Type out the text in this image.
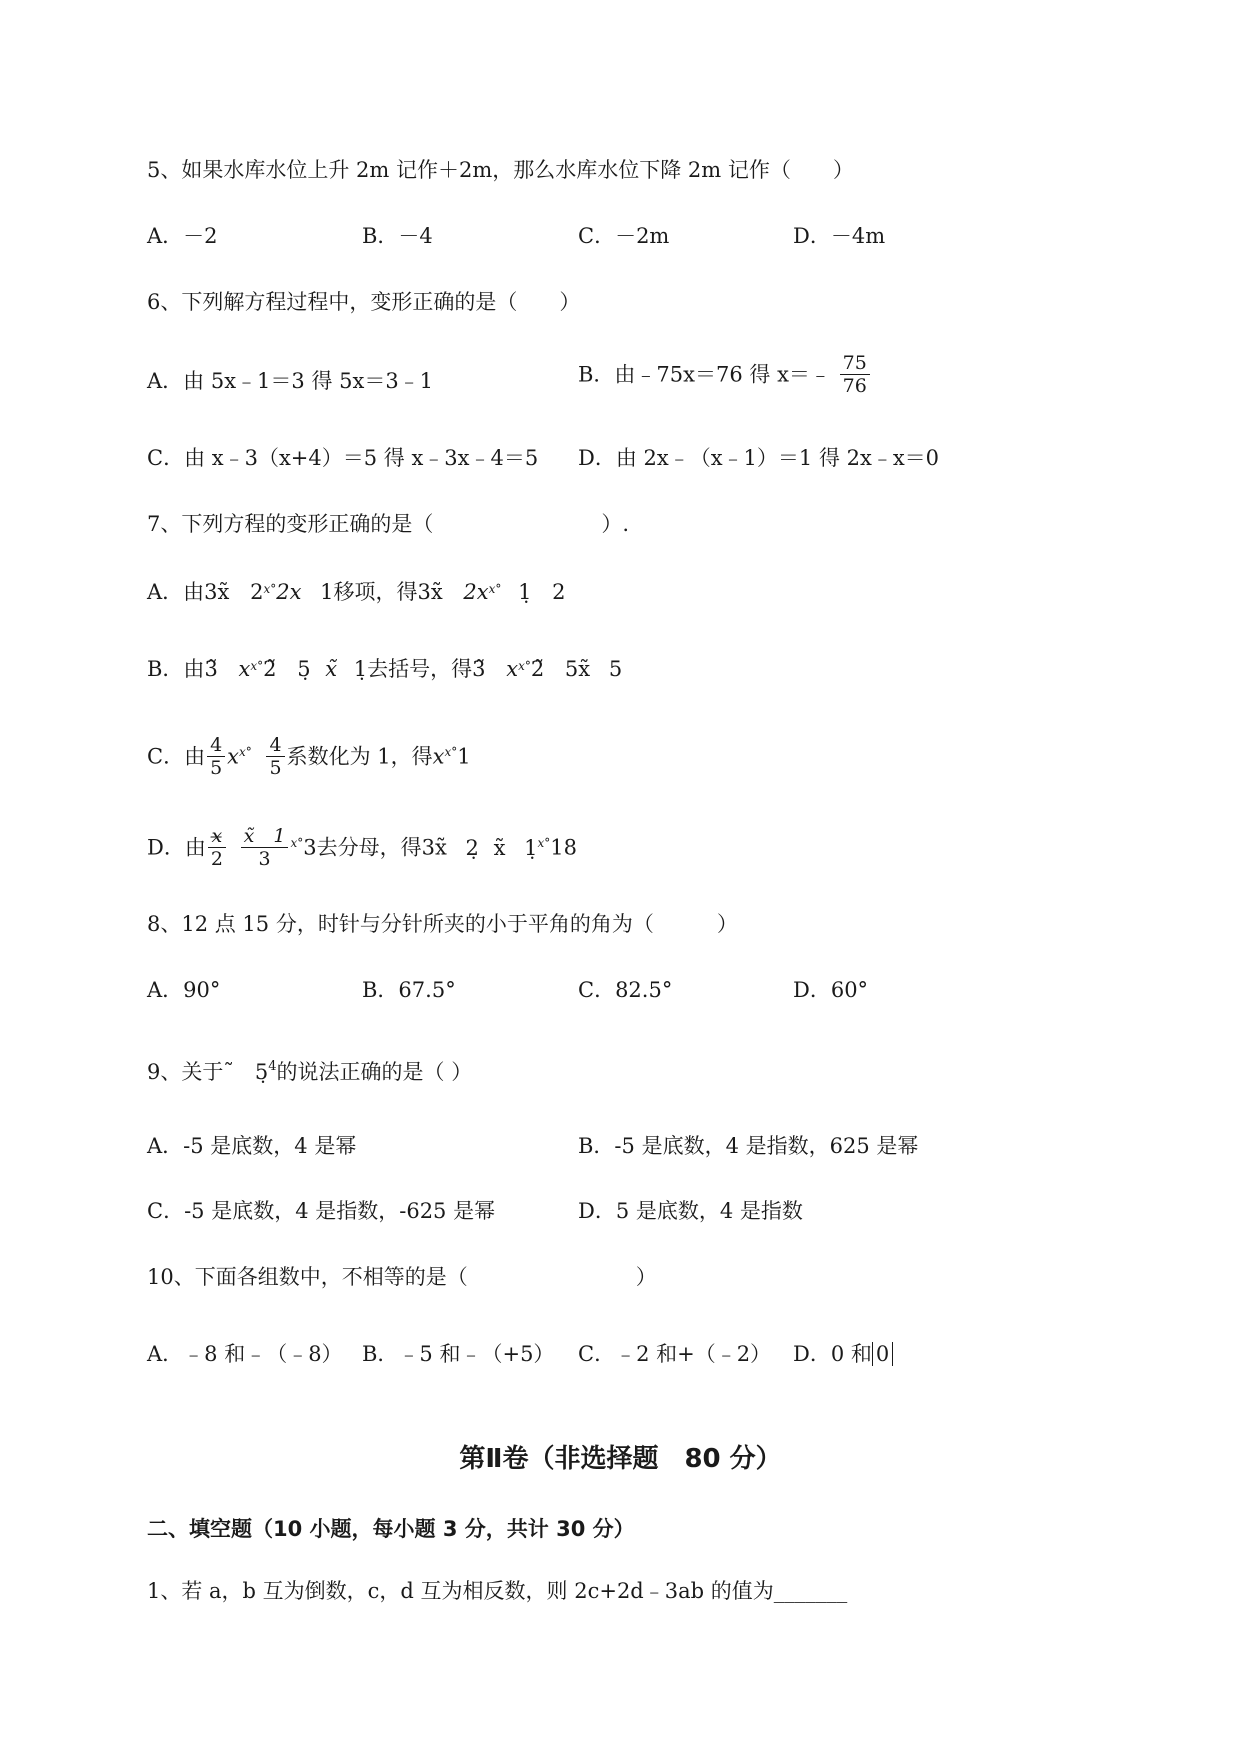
5、如果水库水位上升 2m 记作＋2m，那么水库水位下降 2m 记作（　　）
A．－2	B．－4	C．－2m	D．－4m
6、下列解方程过程中，变形正确的是（　　）
A．由 5x﹣1＝3 得 5x＝3﹣1	B．由﹣75x＝76 得 x＝﹣ $\frac{75}{76}$
C．由 x﹣3（x+4）＝5 得 x﹣3x﹣4＝5 D．由 2x﹣（x﹣1）＝1 得 2x﹣x＝0
7、下列方程的变形正确的是（　　　　　　　　）.
A．由3x̃ $2^{x^\circ}2x$ 1移项，得3x̃ $2x^{x^\circ}$ 1̣ 2
B．由3̃ $x^{x^\circ}2̃$ 5̣ x̃ 1̣去括号，得3̃ $x^{x^\circ}2̃$ 5x̃ 5
C．由 $\frac{4}{5} x^{x^\circ} \frac{4}{5}$ 系数化为 1，得$x^{x^\circ}1$
D．由 $\frac{x̶}{2}$
$\frac{x̃ 1}{3} ^{x^\circ}3$去分母，得3x̃ 2̣ x̃ 1̣$^{x^\circ}$18
8、12 点 15 分，时针与分针所夹的小于平角的角为（　　　）
A．90°	B．67.5°	C．82.5°	D．60°
9、关于˜　5̣$^4$的说法正确的是（ ）
A．-5 是底数，4 是幂	B．-5 是底数，4 是指数，625 是幂
C．-5 是底数，4 是指数，-625 是幂	D．5 是底数，4 是指数
10、下面各组数中，不相等的是（　　　　　　　　）
A．﹣8 和﹣（﹣8） B．﹣5 和﹣（+5） C．﹣2 和+（﹣2） D．0 和 0
第Ⅱ卷（非选择题　80 分）
二、填空题（10 小题，每小题 3 分，共计 30 分）
1、若 a，b 互为倒数，c，d 互为相反数，则 2c+2d﹣3ab 的值为_______
